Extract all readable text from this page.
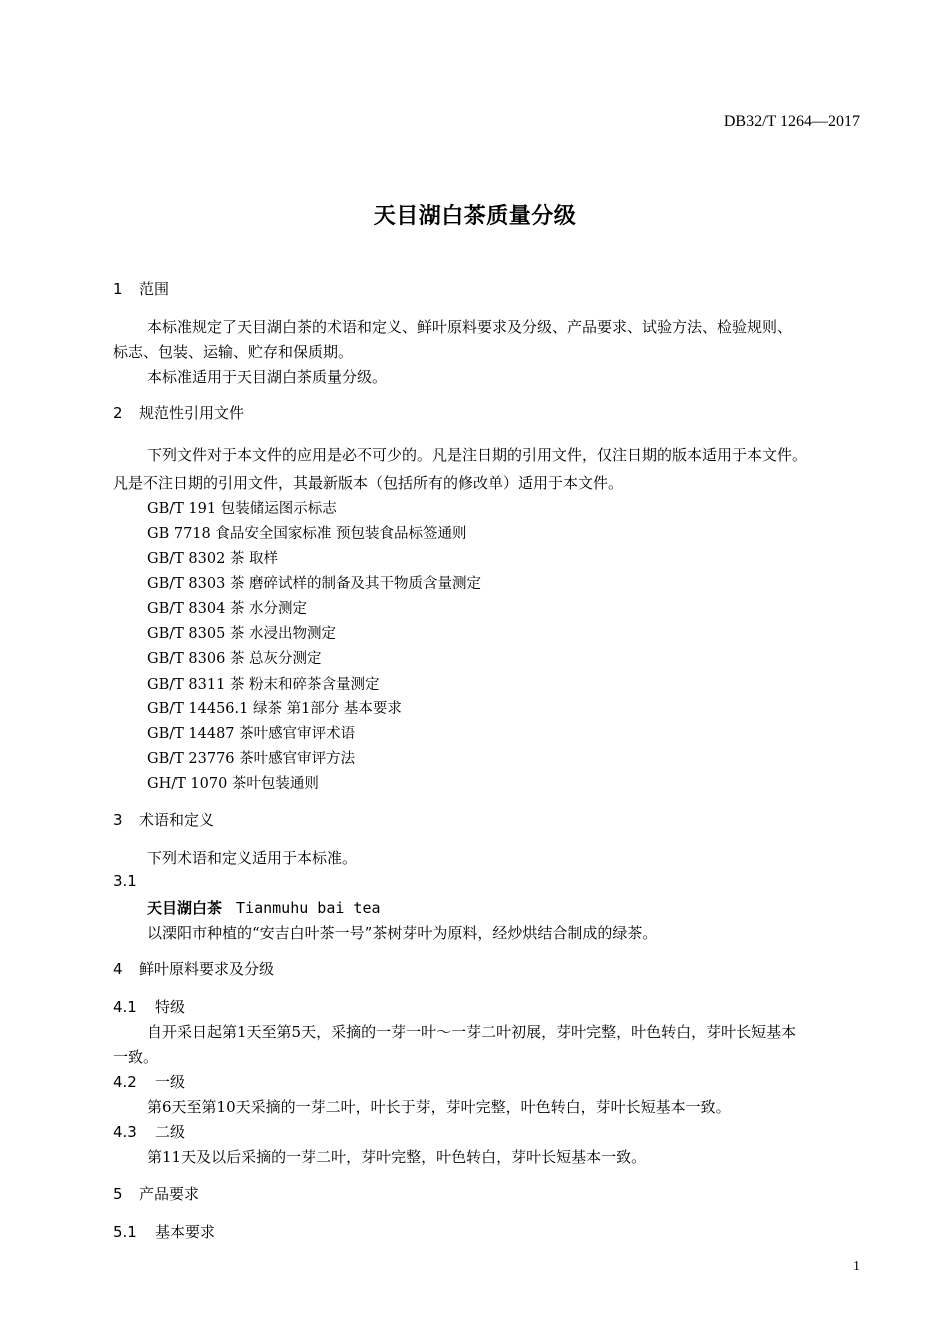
DB32/T 1264—2017
天目湖白茶质量分级
1 范围
本标准规定了天目湖白茶的术语和定义、鲜叶原料要求及分级、产品要求、试验方法、检验规则、
标志、包装、运输、贮存和保质期。
本标准适用于天目湖白茶质量分级。
2 规范性引用文件
下列文件对于本文件的应用是必不可少的。凡是注日期的引用文件，仅注日期的版本适用于本文件。
凡是不注日期的引用文件，其最新版本（包括所有的修改单）适用于本文件。
GB/T 191 包装储运图示标志
GB 7718 食品安全国家标准 预包装食品标签通则
GB/T 8302 茶 取样
GB/T 8303 茶 磨碎试样的制备及其干物质含量测定
GB/T 8304 茶 水分测定
GB/T 8305 茶 水浸出物测定
GB/T 8306 茶 总灰分测定
GB/T 8311 茶 粉末和碎茶含量测定
GB/T 14456.1 绿茶 第1部分 基本要求
GB/T 14487 茶叶感官审评术语
GB/T 23776 茶叶感官审评方法
GH/T 1070 茶叶包装通则
3 术语和定义
下列术语和定义适用于本标准。
3.1
天目湖白茶 Tianmuhu bai tea
以溧阳市种植的“安吉白叶茶一号”茶树芽叶为原料，经炒烘结合制成的绿茶。
4 鲜叶原料要求及分级
4.1 特级
自开采日起第1天至第5天，采摘的一芽一叶～一芽二叶初展，芽叶完整，叶色转白，芽叶长短基本
一致。
4.2 一级
第6天至第10天采摘的一芽二叶，叶长于芽，芽叶完整，叶色转白，芽叶长短基本一致。
4.3 二级
第11天及以后采摘的一芽二叶，芽叶完整，叶色转白，芽叶长短基本一致。
5 产品要求
5.1 基本要求
1
